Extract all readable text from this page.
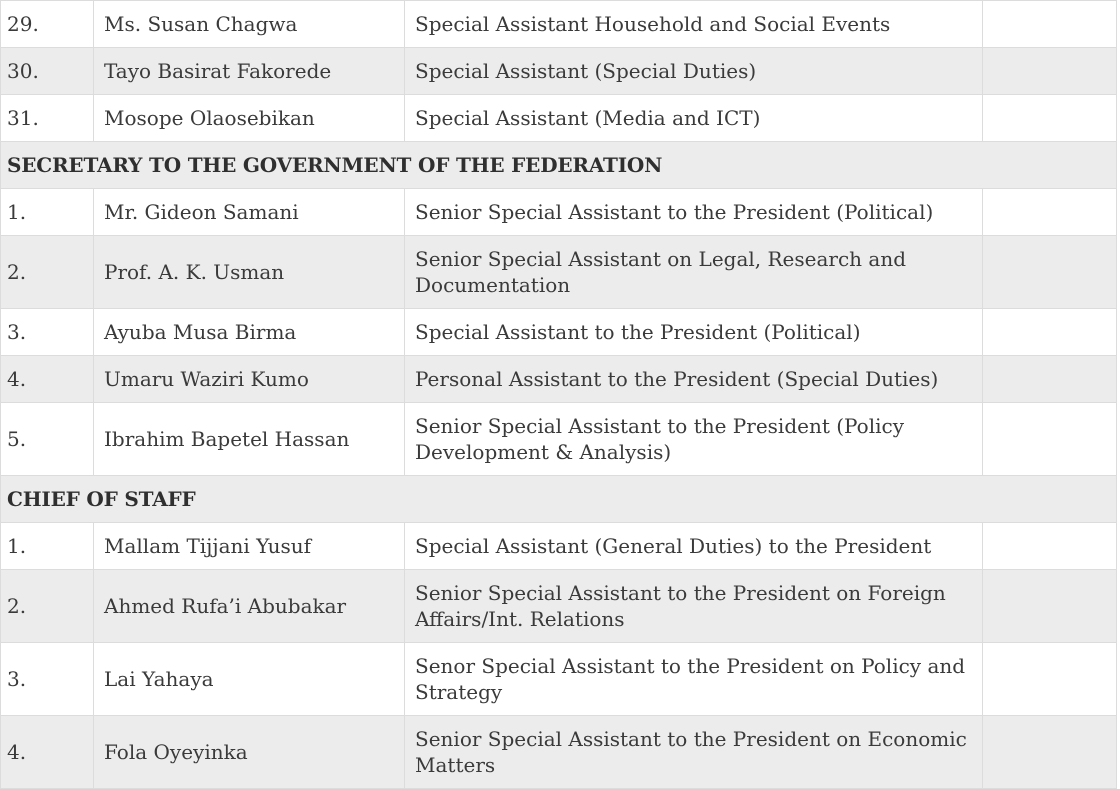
29.	Ms. Susan Chagwa	Special Assistant Household and Social Events	
30.	Tayo Basirat Fakorede	Special Assistant (Special Duties)	
31.	Mosope Olaosebikan	Special Assistant (Media and ICT)	
SECRETARY TO THE GOVERNMENT OF THE FEDERATION			
1.	Mr. Gideon Samani	Senior Special Assistant to the President (Political)	
2.	Prof. A. K. Usman	Senior Special Assistant on Legal, Research and Documentation	
3.	Ayuba Musa Birma	Special Assistant to the President (Political)	
4.	Umaru Waziri Kumo	Personal Assistant to the President (Special Duties)	
5.	Ibrahim Bapetel Hassan	Senior Special Assistant to the President (Policy Development & Analysis)	
CHIEF OF STAFF			
1.	Mallam Tijjani Yusuf	Special Assistant (General Duties) to the President	
2.	Ahmed Rufa’i Abubakar	Senior Special Assistant to the President on Foreign Affairs/Int. Relations	
3.	Lai Yahaya	Senor Special Assistant to the President on Policy and Strategy	
4.	Fola Oyeyinka	Senior Special Assistant to the President on Economic Matters	
